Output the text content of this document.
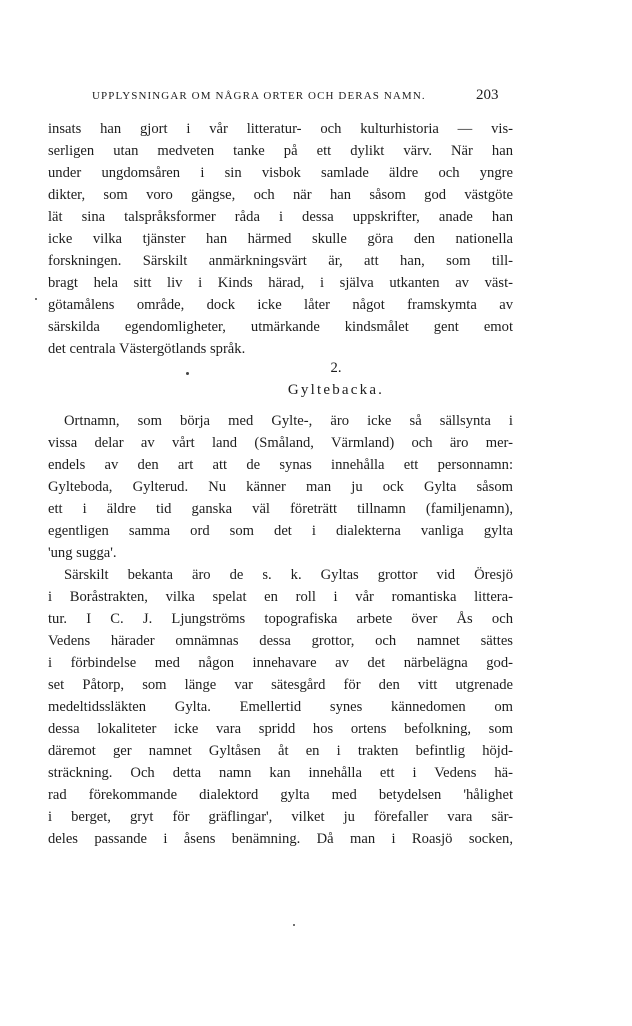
UPPLYSNINGAR OM NÅGRA ORTER OCH DERAS NAMN.	203
insats han gjort i vår litteratur- och kulturhistoria — vis-
serligen utan medveten tanke på ett dylikt värv. När han
under ungdomsåren i sin visbok samlade äldre och yngre
dikter, som voro gängse, och när han såsom god västgöte
lät sina talspråksformer råda i dessa uppskrifter, anade han
icke vilka tjänster han härmed skulle göra den nationella
forskningen. Särskilt anmärkningsvärt är, att han, som till-
bragt hela sitt liv i Kinds härad, i själva utkanten av väst-
götamålens område, dock icke låter något framskymta av
särskilda egendomligheter, utmärkande kindsmålet gent emot
det centrala Västergötlands språk.
2.
Gyltebacka.
Ortnamn, som börja med Gylte-, äro icke så sällsynta i
vissa delar av vårt land (Småland, Värmland) och äro mer-
endels av den art att de synas innehålla ett personnamn:
Gylteboda, Gylterud. Nu känner man ju ock Gylta såsom
ett i äldre tid ganska väl företrätt tillnamn (familjenamn),
egentligen samma ord som det i dialekterna vanliga gylta
'ung sugga'.
Särskilt bekanta äro de s. k. Gyltas grottor vid Öresjö
i Boråstrakten, vilka spelat en roll i vår romantiska littera-
tur. I C. J. Ljungströms topografiska arbete över Ås och
Vedens härader omnämnas dessa grottor, och namnet sättes
i förbindelse med någon innehavare av det närbelägna god-
set Påtorp, som länge var sätesgård för den vitt utgrenade
medeltidssläkten Gylta. Emellertid synes kännedomen om
dessa lokaliteter icke vara spridd hos ortens befolkning, som
däremot ger namnet Gyltåsen åt en i trakten befintlig höjd-
sträckning. Och detta namn kan innehålla ett i Vedens hä-
rad förekommande dialektord gylta med betydelsen 'hålighet
i berget, gryt för gräflingar', vilket ju förefaller vara sär-
deles passande i åsens benämning. Då man i Roasjö socken,
